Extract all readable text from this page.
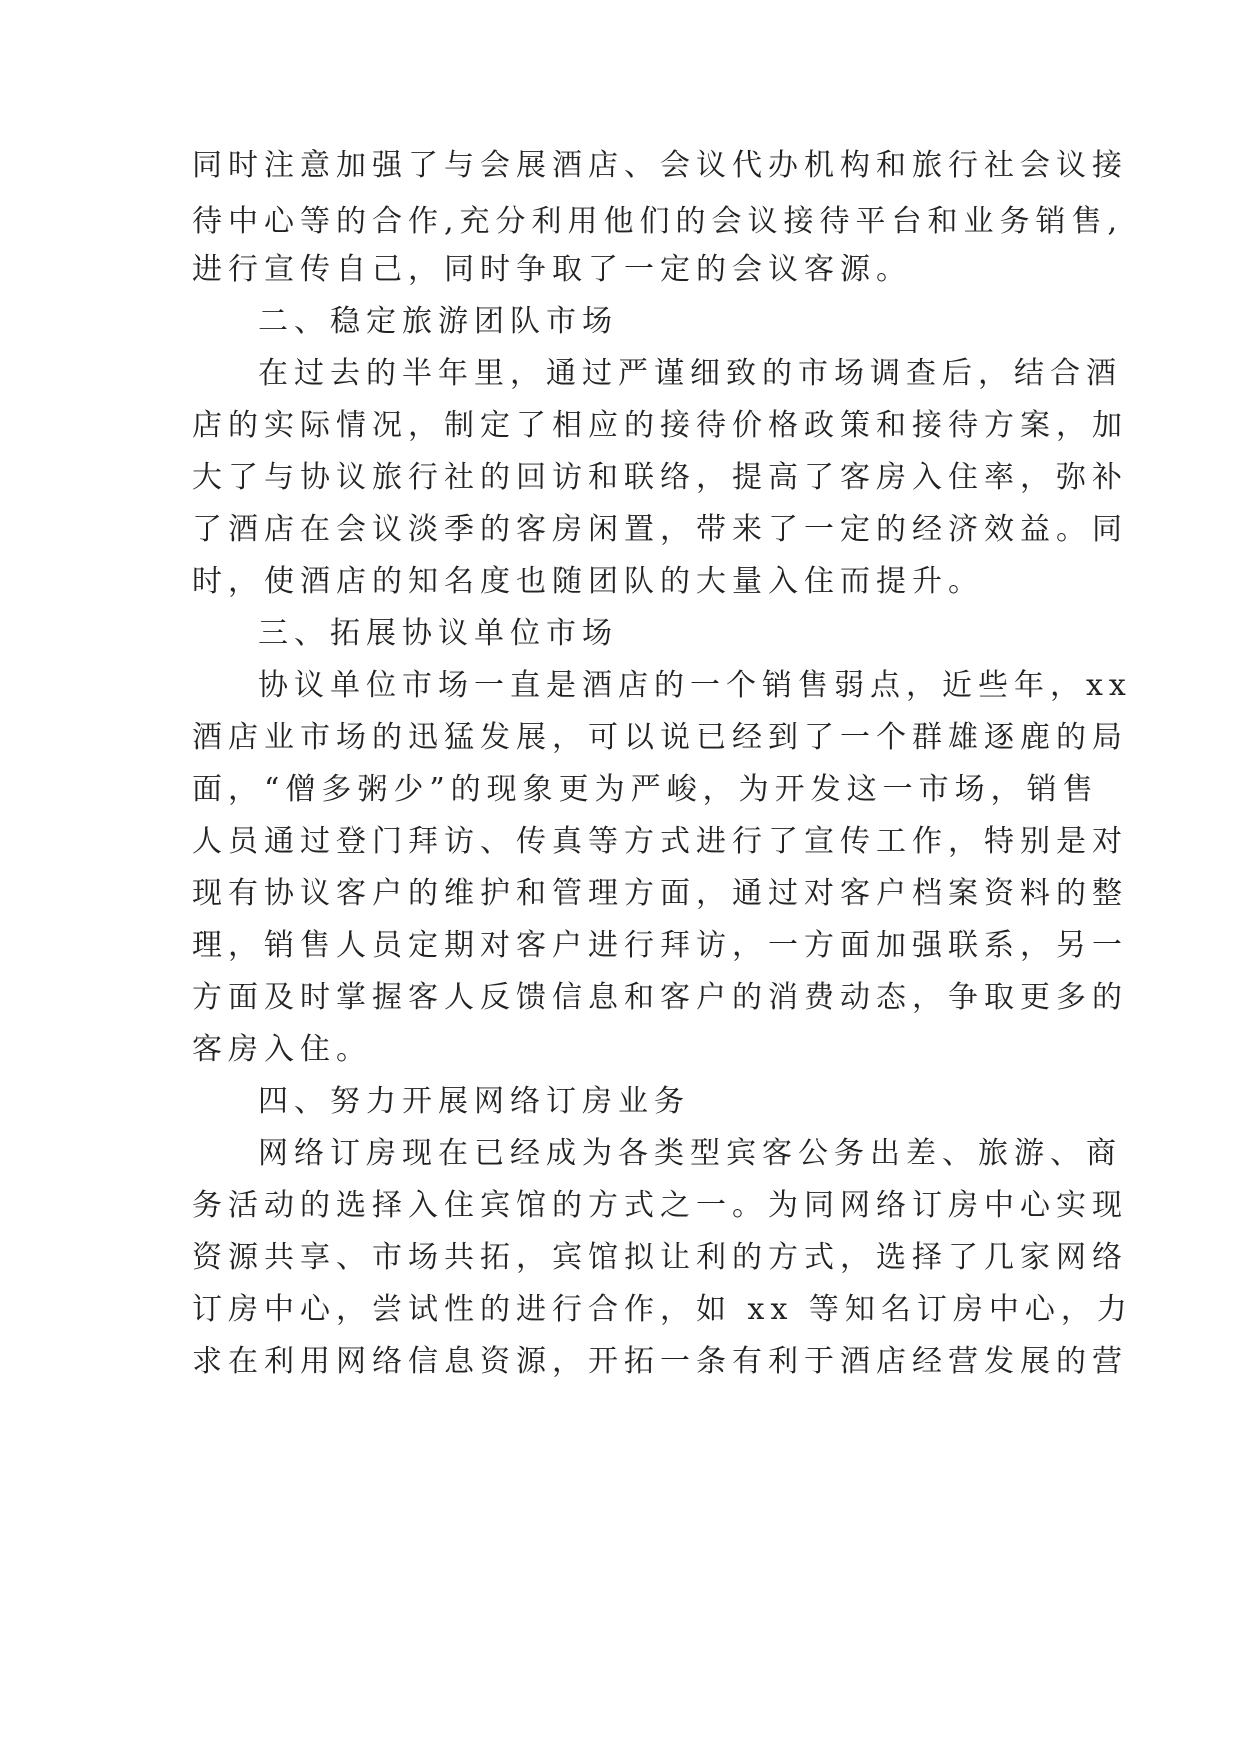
同时注意加强了与会展酒店、会议代办机构和旅行社会议接

待中心等的合作,充分利用他们的会议接待平台和业务销售,

进行宣传自己，同时争取了一定的会议客源。

二、稳定旅游团队市场

在过去的半年里，通过严谨细致的市场调查后，结合酒

店的实际情况，制定了相应的接待价格政策和接待方案，加

大了与协议旅行社的回访和联络，提高了客房入住率，弥补

了酒店在会议淡季的客房闲置，带来了一定的经济效益。同

时，使酒店的知名度也随团队的大量入住而提升。

三、拓展协议单位市场

协议单位市场一直是酒店的一个销售弱点，近些年，xx

酒店业市场的迅猛发展，可以说已经到了一个群雄逐鹿的局

面，“僧多粥少”的现象更为严峻，为开发这一市场，销售

人员通过登门拜访、传真等方式进行了宣传工作，特别是对

现有协议客户的维护和管理方面，通过对客户档案资料的整

理，销售人员定期对客户进行拜访，一方面加强联系，另一

方面及时掌握客人反馈信息和客户的消费动态，争取更多的

客房入住。

四、努力开展网络订房业务

网络订房现在已经成为各类型宾客公务出差、旅游、商

务活动的选择入住宾馆的方式之一。为同网络订房中心实现

资源共享、市场共拓，宾馆拟让利的方式，选择了几家网络

订房中心，尝试性的进行合作，如 xx 等知名订房中心，力

求在利用网络信息资源，开拓一条有利于酒店经营发展的营
